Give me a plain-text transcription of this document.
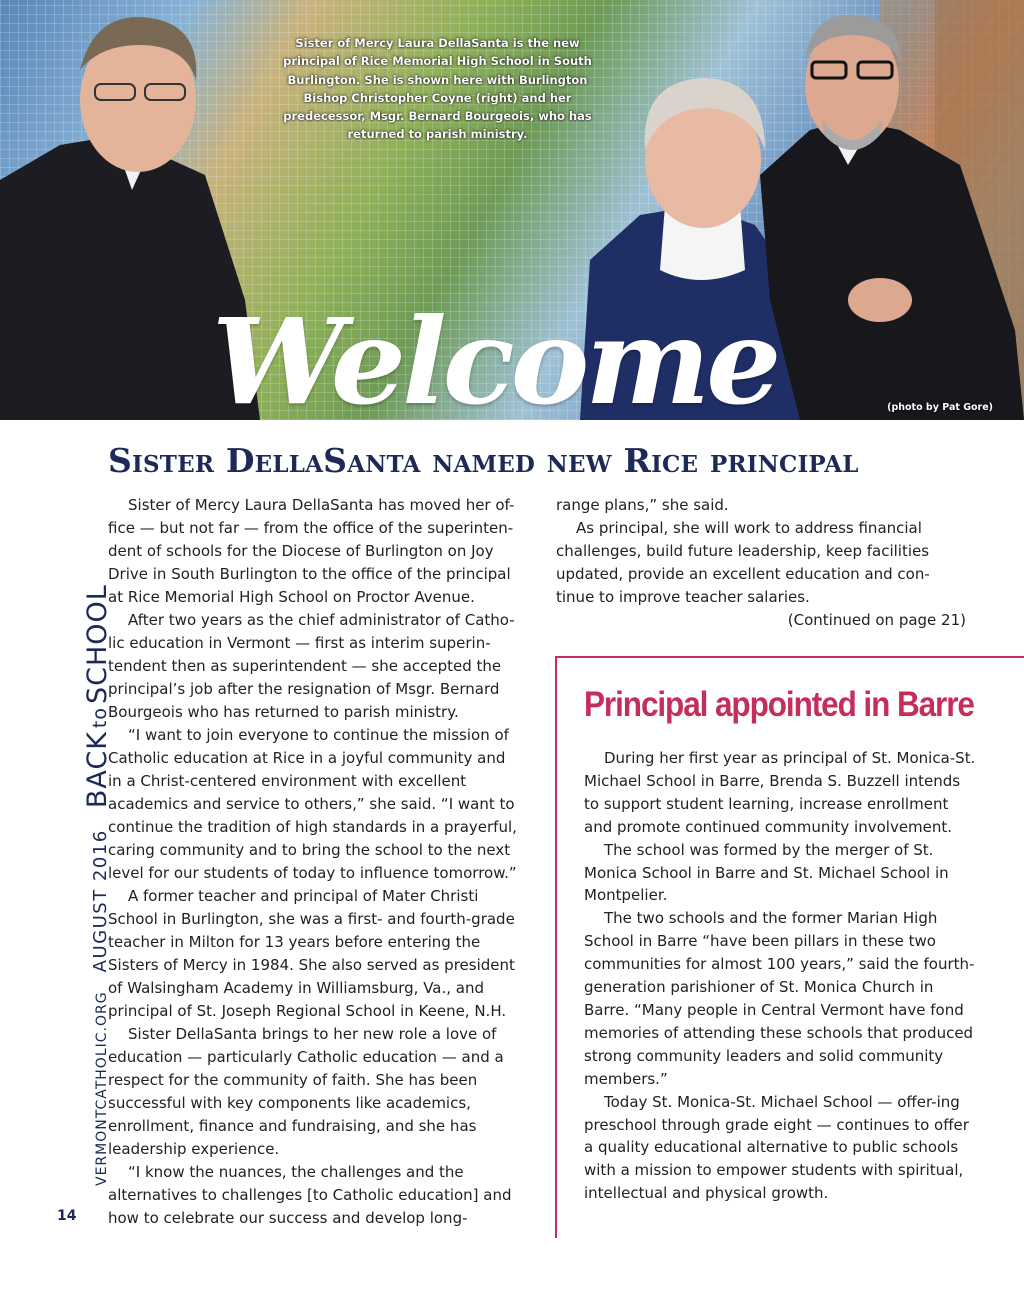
Sister of Mercy Laura DellaSanta is the new principal of Rice Memorial High School in South Burlington. She is shown here with Burlington Bishop Christopher Coyne (right) and her predecessor, Msgr. Bernard Bourgeois, who has returned to parish ministry.
Welcome	(photo by Pat Gore)
Sister DellaSanta named new Rice principal
VERMONTCATHOLIC.ORG AUGUST 2016 BACKtoSCHOOL
14

Sister of Mercy Laura DellaSanta has moved her of-fice — but not far — from the office of the superinten-dent of schools for the Diocese of Burlington on Joy Drive in South Burlington to the office of the principal at Rice Memorial High School on Proctor Avenue.

After two years as the chief administrator of Catho-lic education in Vermont — first as interim superin-tendent then as superintendent — she accepted the principal’s job after the resignation of Msgr. Bernard Bourgeois who has returned to parish ministry.

“I want to join everyone to continue the mission of Catholic education at Rice in a joyful community and in a Christ-centered environment with excellent academics and service to others,” she said. “I want to continue the tradition of high standards in a prayerful, caring community and to bring the school to the next level for our students of today to influence tomorrow.”

A former teacher and principal of Mater Christi School in Burlington, she was a first- and fourth-grade teacher in Milton for 13 years before entering the Sisters of Mercy in 1984. She also served as president of Walsingham Academy in Williamsburg, Va., and principal of St. Joseph Regional School in Keene, N.H.

Sister DellaSanta brings to her new role a love of education — particularly Catholic education — and a respect for the community of faith. She has been successful with key components like academics, enrollment, finance and fundraising, and she has leadership experience.

“I know the nuances, the challenges and the alternatives to challenges [to Catholic education] and how to celebrate our success and develop long-

range plans,” she said.

As principal, she will work to address financial challenges, build future leadership, keep facilities updated, provide an excellent education and con-tinue to improve teacher salaries.

(Continued on page 21)

Principal appointed in Barre

During her first year as principal of St. Monica-St. Michael School in Barre, Brenda S. Buzzell intends to support student learning, increase enrollment and promote continued community involvement.

The school was formed by the merger of St. Monica School in Barre and St. Michael School in Montpelier.

The two schools and the former Marian High School in Barre “have been pillars in these two communities for almost 100 years,” said the fourth-generation parishioner of St. Monica Church in Barre. “Many people in Central Vermont have fond memories of attending these schools that produced strong community leaders and solid community members.”

Today St. Monica-St. Michael School — offer-ing preschool through grade eight — continues to offer a quality educational alternative to public schools with a mission to empower students with spiritual, intellectual and physical growth.
